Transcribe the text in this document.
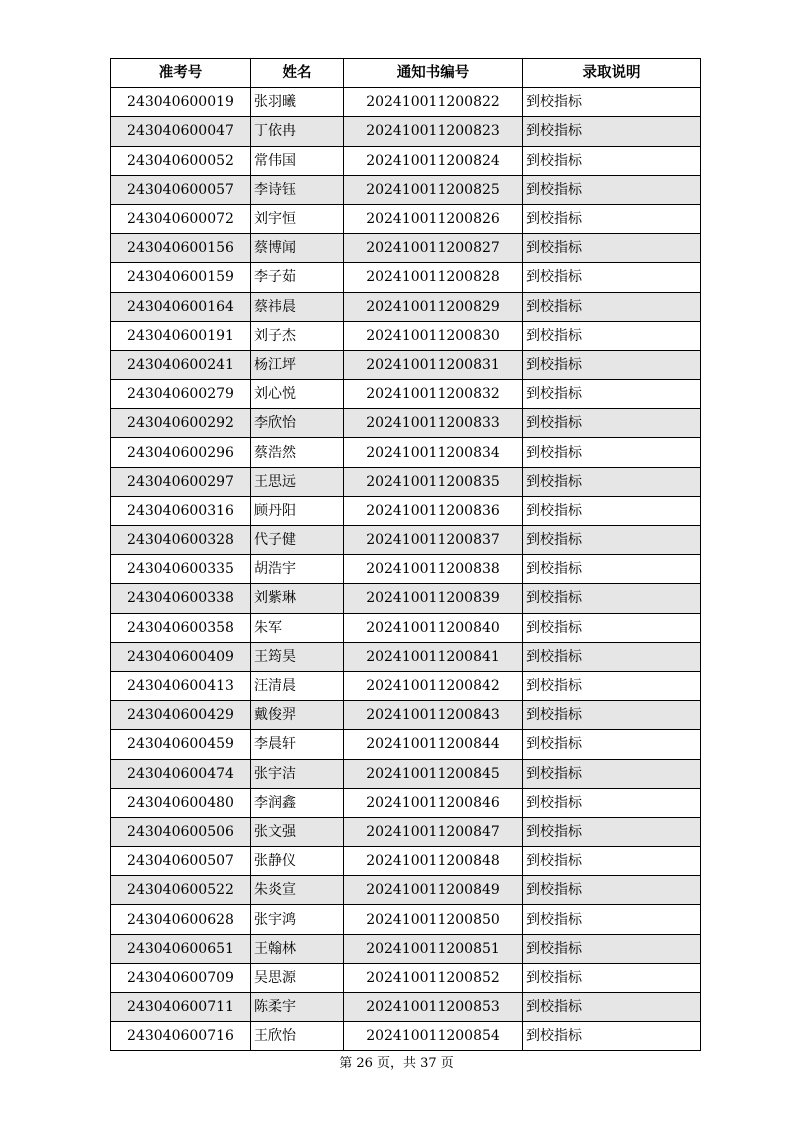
准考号	姓名	通知书编号	录取说明
243040600019	张羽曦	202410011200822	到校指标
243040600047	丁依冉	202410011200823	到校指标
243040600052	常伟国	202410011200824	到校指标
243040600057	李诗钰	202410011200825	到校指标
243040600072	刘宇恒	202410011200826	到校指标
243040600156	蔡博闻	202410011200827	到校指标
243040600159	李子茹	202410011200828	到校指标
243040600164	蔡祎晨	202410011200829	到校指标
243040600191	刘子杰	202410011200830	到校指标
243040600241	杨江坪	202410011200831	到校指标
243040600279	刘心悦	202410011200832	到校指标
243040600292	李欣怡	202410011200833	到校指标
243040600296	蔡浩然	202410011200834	到校指标
243040600297	王思远	202410011200835	到校指标
243040600316	顾丹阳	202410011200836	到校指标
243040600328	代子健	202410011200837	到校指标
243040600335	胡浩宇	202410011200838	到校指标
243040600338	刘紫琳	202410011200839	到校指标
243040600358	朱军	202410011200840	到校指标
243040600409	王筠昊	202410011200841	到校指标
243040600413	汪清晨	202410011200842	到校指标
243040600429	戴俊羿	202410011200843	到校指标
243040600459	李晨轩	202410011200844	到校指标
243040600474	张宇洁	202410011200845	到校指标
243040600480	李润鑫	202410011200846	到校指标
243040600506	张文强	202410011200847	到校指标
243040600507	张静仪	202410011200848	到校指标
243040600522	朱炎宣	202410011200849	到校指标
243040600628	张宇鸿	202410011200850	到校指标
243040600651	王翰林	202410011200851	到校指标
243040600709	吴思源	202410011200852	到校指标
243040600711	陈柔宇	202410011200853	到校指标
243040600716	王欣怡	202410011200854	到校指标
第 26 页，共 37 页
